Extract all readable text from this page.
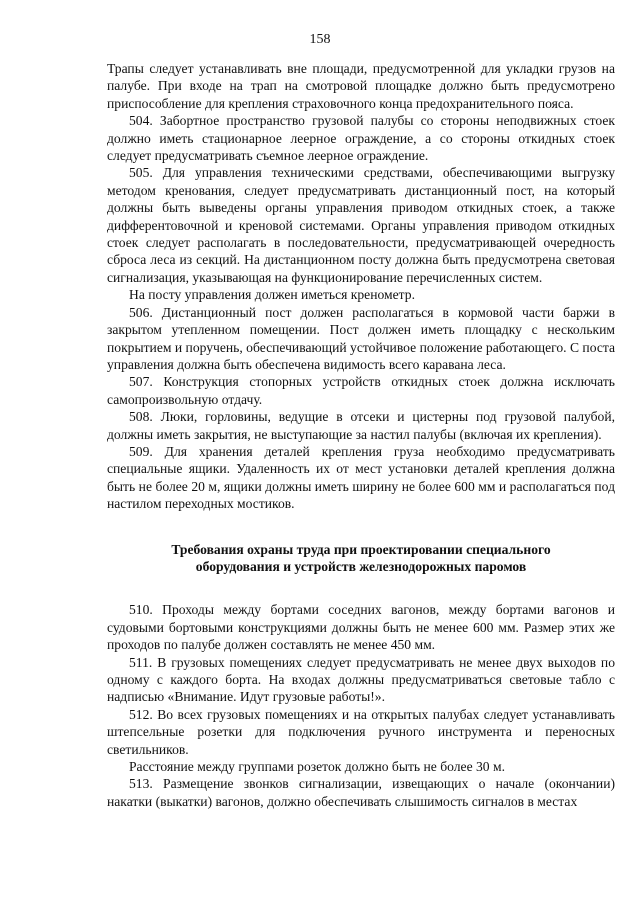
158

Трапы следует устанавливать вне площади, предусмотренной для укладки грузов на палубе. При входе на трап на смотровой площадке должно быть предусмотрено приспособление для крепления страховочного конца предохранительного пояса.

504. Забортное пространство грузовой палубы со стороны неподвижных стоек должно иметь стационарное леерное ограждение, а со стороны откидных стоек следует предусматривать съемное леерное ограждение.

505. Для управления техническими средствами, обеспечивающими выгрузку методом кренования, следует предусматривать дистанционный пост, на который должны быть выведены органы управления приводом откидных стоек, а также дифферентовочной и креновой системами. Органы управления приводом откидных стоек следует располагать в последовательности, предусматривающей очередность сброса леса из секций. На дистанционном посту должна быть предусмотрена световая сигнализация, указывающая на функционирование перечисленных систем.

На посту управления должен иметься кренометр.

506. Дистанционный пост должен располагаться в кормовой части баржи в закрытом утепленном помещении. Пост должен иметь площадку с нескольким покрытием и поручень, обеспечивающий устойчивое положение работающего. С поста управления должна быть обеспечена видимость всего каравана леса.

507. Конструкция стопорных устройств откидных стоек должна исключать самопроизвольную отдачу.

508. Люки, горловины, ведущие в отсеки и цистерны под грузовой палубой, должны иметь закрытия, не выступающие за настил палубы (включая их крепления).

509. Для хранения деталей крепления груза необходимо предусматривать специальные ящики. Удаленность их от мест установки деталей крепления должна быть не более 20 м, ящики должны иметь ширину не более 600 мм и располагаться под настилом переходных мостиков.

Требования охраны труда при проектировании специального
оборудования и устройств железнодорожных паромов

510. Проходы между бортами соседних вагонов, между бортами вагонов и судовыми бортовыми конструкциями должны быть не менее 600 мм. Размер этих же проходов по палубе должен составлять не менее 450 мм.

511. В грузовых помещениях следует предусматривать не менее двух выходов по одному с каждого борта. На входах должны предусматриваться световые табло с надписью «Внимание. Идут грузовые работы!».

512. Во всех грузовых помещениях и на открытых палубах следует устанавливать штепсельные розетки для подключения ручного инструмента и переносных светильников.

Расстояние между группами розеток должно быть не более 30 м.

513. Размещение звонков сигнализации, извещающих о начале (окончании) накатки (выкатки) вагонов, должно обеспечивать слышимость сигналов в местах
